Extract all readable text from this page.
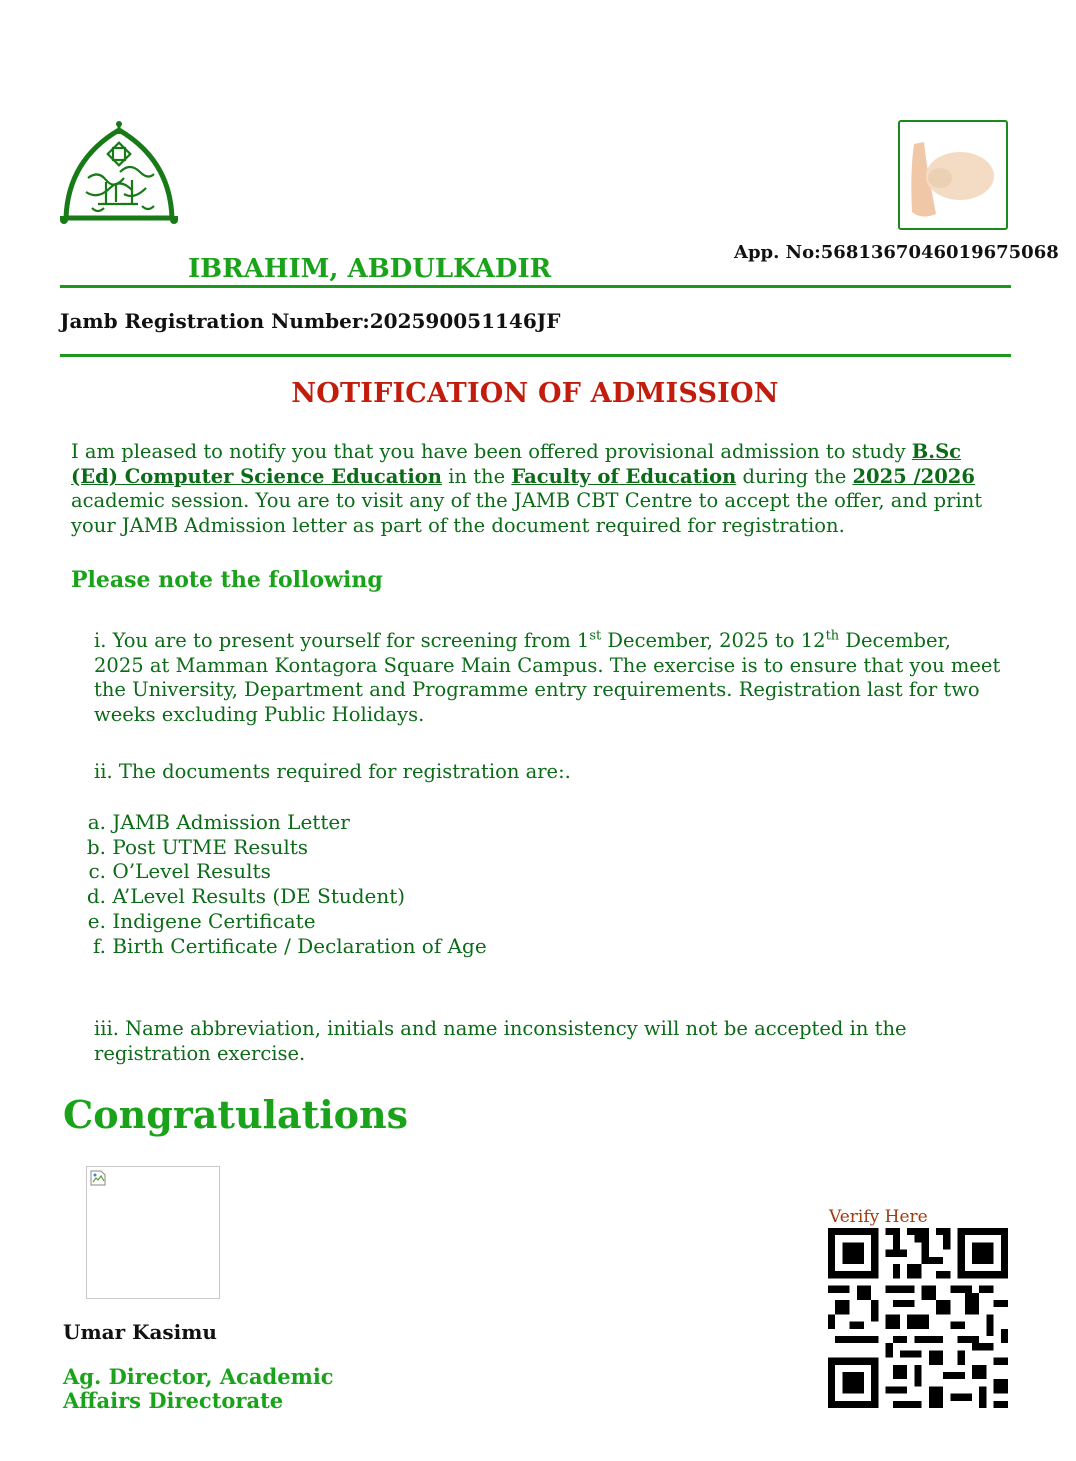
App. No:5681367046019675068
IBRAHIM, ABDULKADIR
Jamb Registration Number:202590051146JF
NOTIFICATION OF ADMISSION
I am pleased to notify you that you have been offered provisional admission to study B.Sc (Ed) Computer Science Education in the Faculty of Education during the 2025 /2026 academic session. You are to visit any of the JAMB CBT Centre to accept the offer, and print your JAMB Admission letter as part of the document required for registration.
Please note the following
i. You are to present yourself for screening from 1st December, 2025 to 12th December, 2025 at Mamman Kontagora Square Main Campus. The exercise is to ensure that you meet the University, Department and Programme entry requirements. Registration last for two weeks excluding Public Holidays.
ii. The documents required for registration are:.
a.
JAMB Admission Letter
b.
Post UTME Results
c.
O’Level Results
d.
A’Level Results (DE Student)
e.
Indigene Certificate
f.
Birth Certificate / Declaration of Age
iii. Name abbreviation, initials and name inconsistency will not be accepted in the registration exercise.
Congratulations
Umar Kasimu
Ag. Director, Academic Affairs Directorate
Verify Here
